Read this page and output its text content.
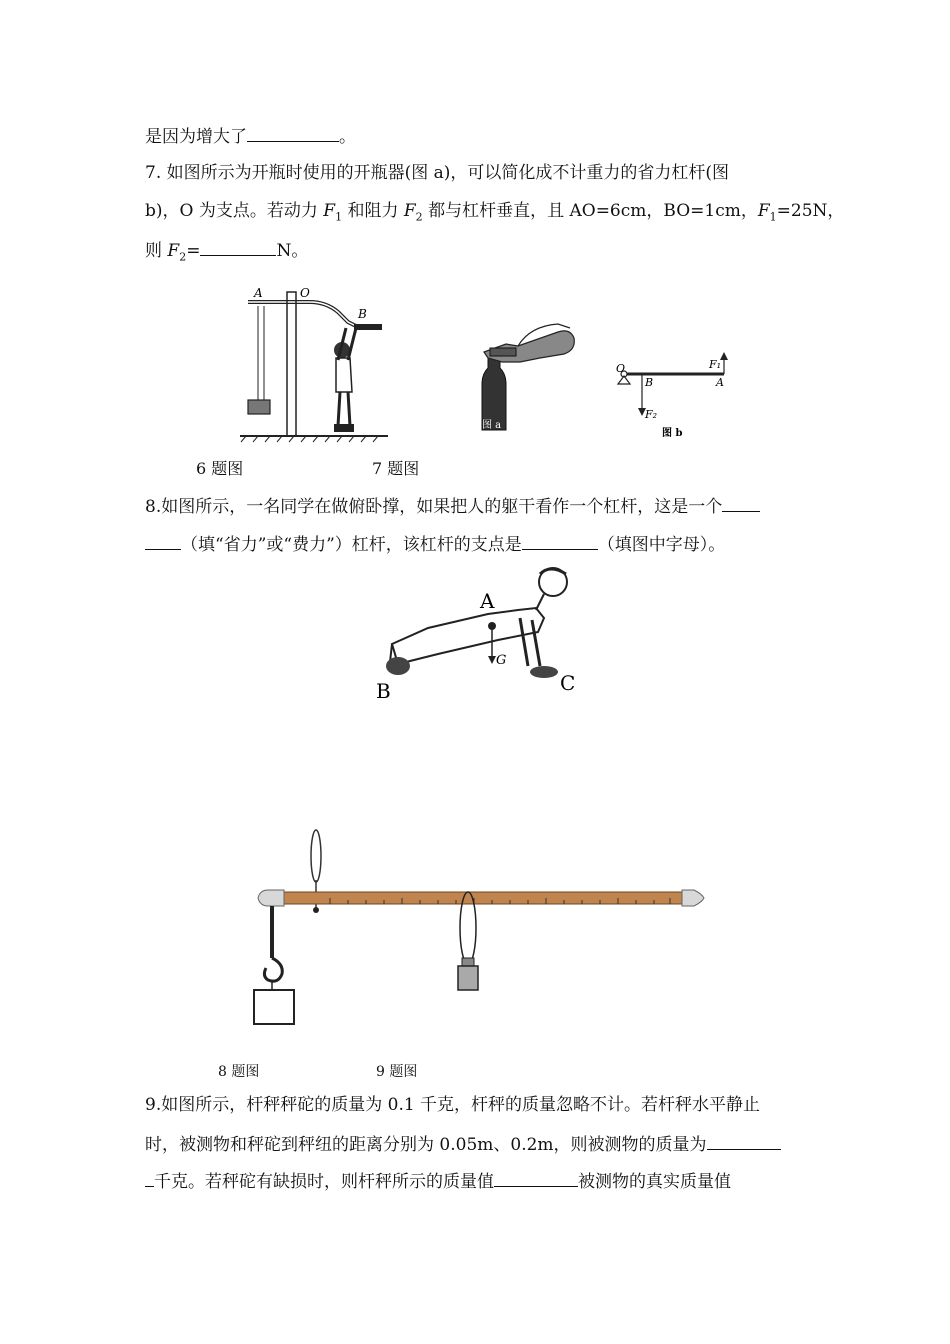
是因为增大了	。
7. 如图所示为开瓶时使用的开瓶器(图 a)，可以简化成不计重力的省力杠杆(图
b)，O 为支点。若动力 $F_1$ 和阻力 $F_2$ 都与杠杆垂直，且 AO=6cm，BO=1cm，$F_1=25N$，
则 $F_2=$	N。
A	O
B
图 a
O
B	A
F₁
F₂
图 b
6 题图	7 题图
8.如图所示，一名同学在做俯卧撑，如果把人的躯干看作一个杠杆，这是一个
（填“省力”或“费力”）杠杆，该杠杆的支点是	（填图中字母）。
A
B	C
G
8 题图	9 题图
9.如图所示，杆秤秤砣的质量为 0.1 千克，杆秤的质量忽略不计。若杆秤水平静止
时，被测物和秤砣到秤纽的距离分别为 0.05m、0.2m，则被测物的质量为
千克。若秤砣有缺损时，则杆秤所示的质量值	被测物的真实质量值
